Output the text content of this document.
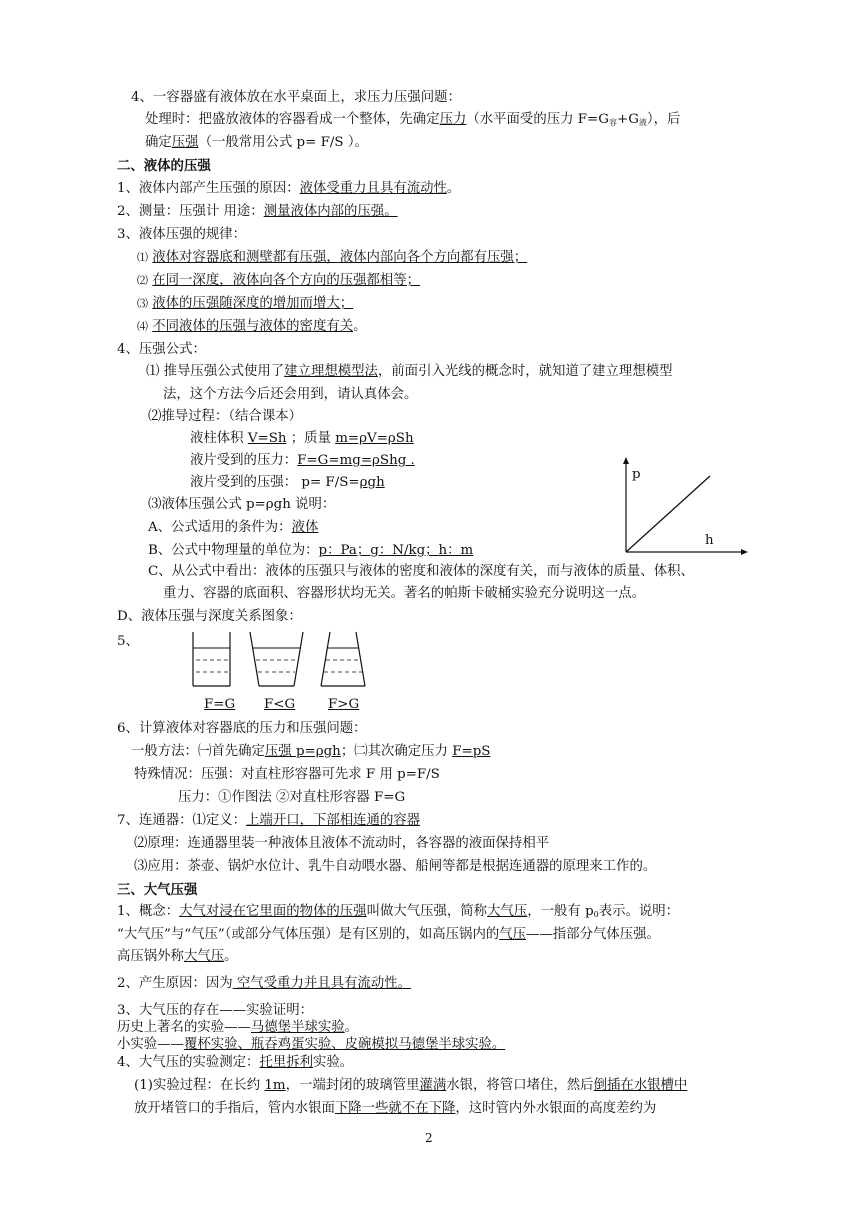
4、一容器盛有液体放在水平桌面上，求压力压强问题：
处理时：把盛放液体的容器看成一个整体，先确定压力（水平面受的压力 $F=G_容+G_液$），后
确定压强（一般常用公式 p= F/S ）。
二、液体的压强
1、液体内部产生压强的原因：液体受重力且具有流动性。
2、测量：压强计 用途：测量液体内部的压强。
3、液体压强的规律：
⑴ 液体对容器底和测壁都有压强，液体内部向各个方向都有压强；
⑵ 在同一深度，液体向各个方向的压强都相等；
⑶ 液体的压强随深度的增加而增大；
⑷ 不同液体的压强与液体的密度有关。
4、压强公式：
⑴ 推导压强公式使用了建立理想模型法，前面引入光线的概念时，就知道了建立理想模型
法，这个方法今后还会用到，请认真体会。
⑵推导过程：（结合课本）
液柱体积 V=Sh ；质量 m=ρV=ρSh
液片受到的压力：F=G=mg=ρShg .
液片受到的压强： p= F/S=ρgh
⑶液体压强公式 p=ρgh 说明：
A、公式适用的条件为：液体
B、公式中物理量的单位为：p：Pa；g：N/kg；h：m
C、从公式中看出：液体的压强只与液体的密度和液体的深度有关，而与液体的质量、体积、
重力、容器的底面积、容器形状均无关。著名的帕斯卡破桶实验充分说明这一点。
D、液体压强与深度关系图象：
p
h
5、
F=G F<G F>G
6、计算液体对容器底的压力和压强问题：
一般方法：㈠首先确定压强 p=ρgh；㈡其次确定压力 F=pS
特殊情况：压强：对直柱形容器可先求 F 用 p=F/S
压力：①作图法 ②对直柱形容器 F=G
7、连通器：⑴定义：上端开口，下部相连通的容器
⑵原理：连通器里装一种液体且液体不流动时，各容器的液面保持相平
⑶应用：茶壶、锅炉水位计、乳牛自动喂水器、船闸等都是根据连通器的原理来工作的。
三、大气压强
1、概念：大气对浸在它里面的物体的压强叫做大气压强，简称大气压，一般有 $p_0$表示。说明：
“大气压”与“气压”（或部分气体压强）是有区别的，如高压锅内的气压——指部分气体压强。
高压锅外称大气压。
2、产生原因：因为 空气受重力并且具有流动性。
3、大气压的存在——实验证明：
历史上著名的实验——马德堡半球实验。
小实验——覆杯实验、瓶吞鸡蛋实验、皮碗模拟马德堡半球实验。
4、大气压的实验测定：托里拆利实验。
(1)实验过程：在长约 1m，一端封闭的玻璃管里灌满水银，将管口堵住，然后倒插在水银槽中
放开堵管口的手指后，管内水银面下降一些就不在下降，这时管内外水银面的高度差约为
2
